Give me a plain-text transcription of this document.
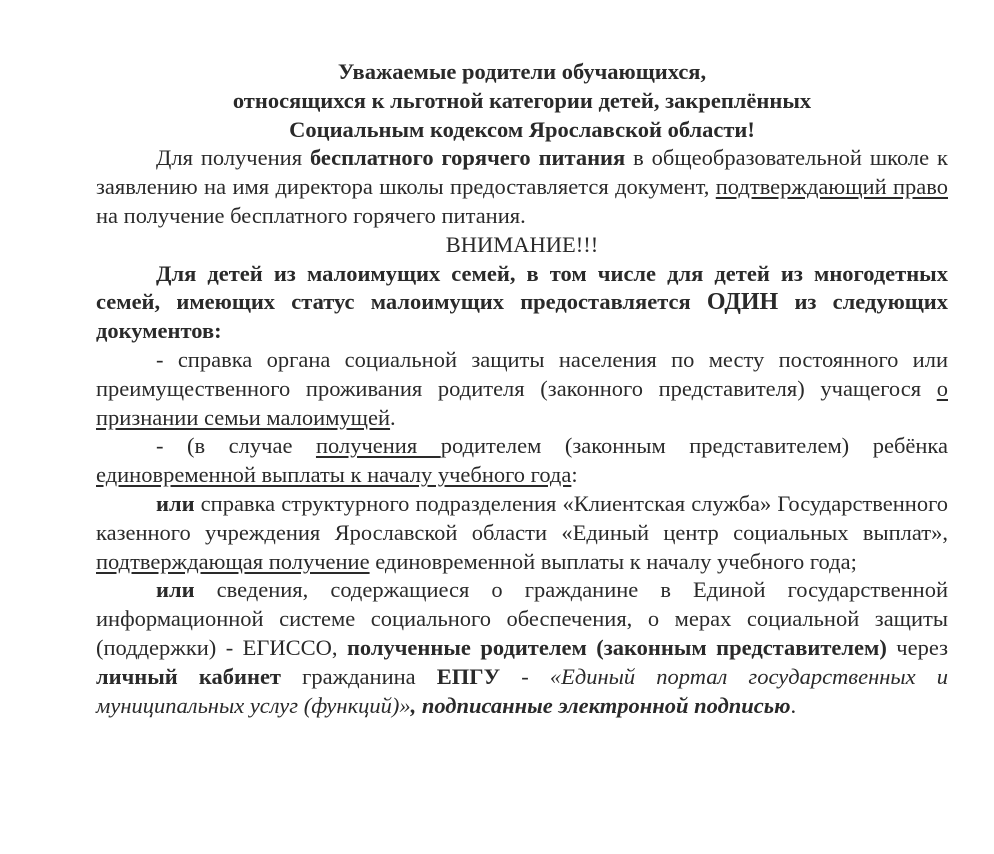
Уважаемые родители обучающихся,
относящихся к льготной категории детей, закреплённых
Социальным кодексом Ярославской области!

Для получения бесплатного горячего питания в общеобразовательной школе к заявлению на имя директора школы предоставляется документ, подтверждающий право на получение бесплатного горячего питания.

ВНИМАНИЕ!!!

Для детей из малоимущих семей, в том числе для детей из многодетных семей, имеющих статус малоимущих предоставляется ОДИН из следующих документов:

- справка органа социальной защиты населения по месту постоянного или преимущественного проживания родителя (законного представителя) учащегося о признании семьи малоимущей.

- (в случае получения родителем (законным представителем) ребёнка единовременной выплаты к началу учебного года:

или справка структурного подразделения «Клиентская служба» Государственного казенного учреждения Ярославской области «Единый центр социальных выплат», подтверждающая получение единовременной выплаты к началу учебного года;

или сведения, содержащиеся о гражданине в Единой государственной информационной системе социального обеспечения, о мерах социальной защиты (поддержки) - ЕГИССО, полученные родителем (законным представителем) через личный кабинет гражданина ЕПГУ - «Единый портал государственных и муниципальных услуг (функций)», подписанные электронной подписью.
